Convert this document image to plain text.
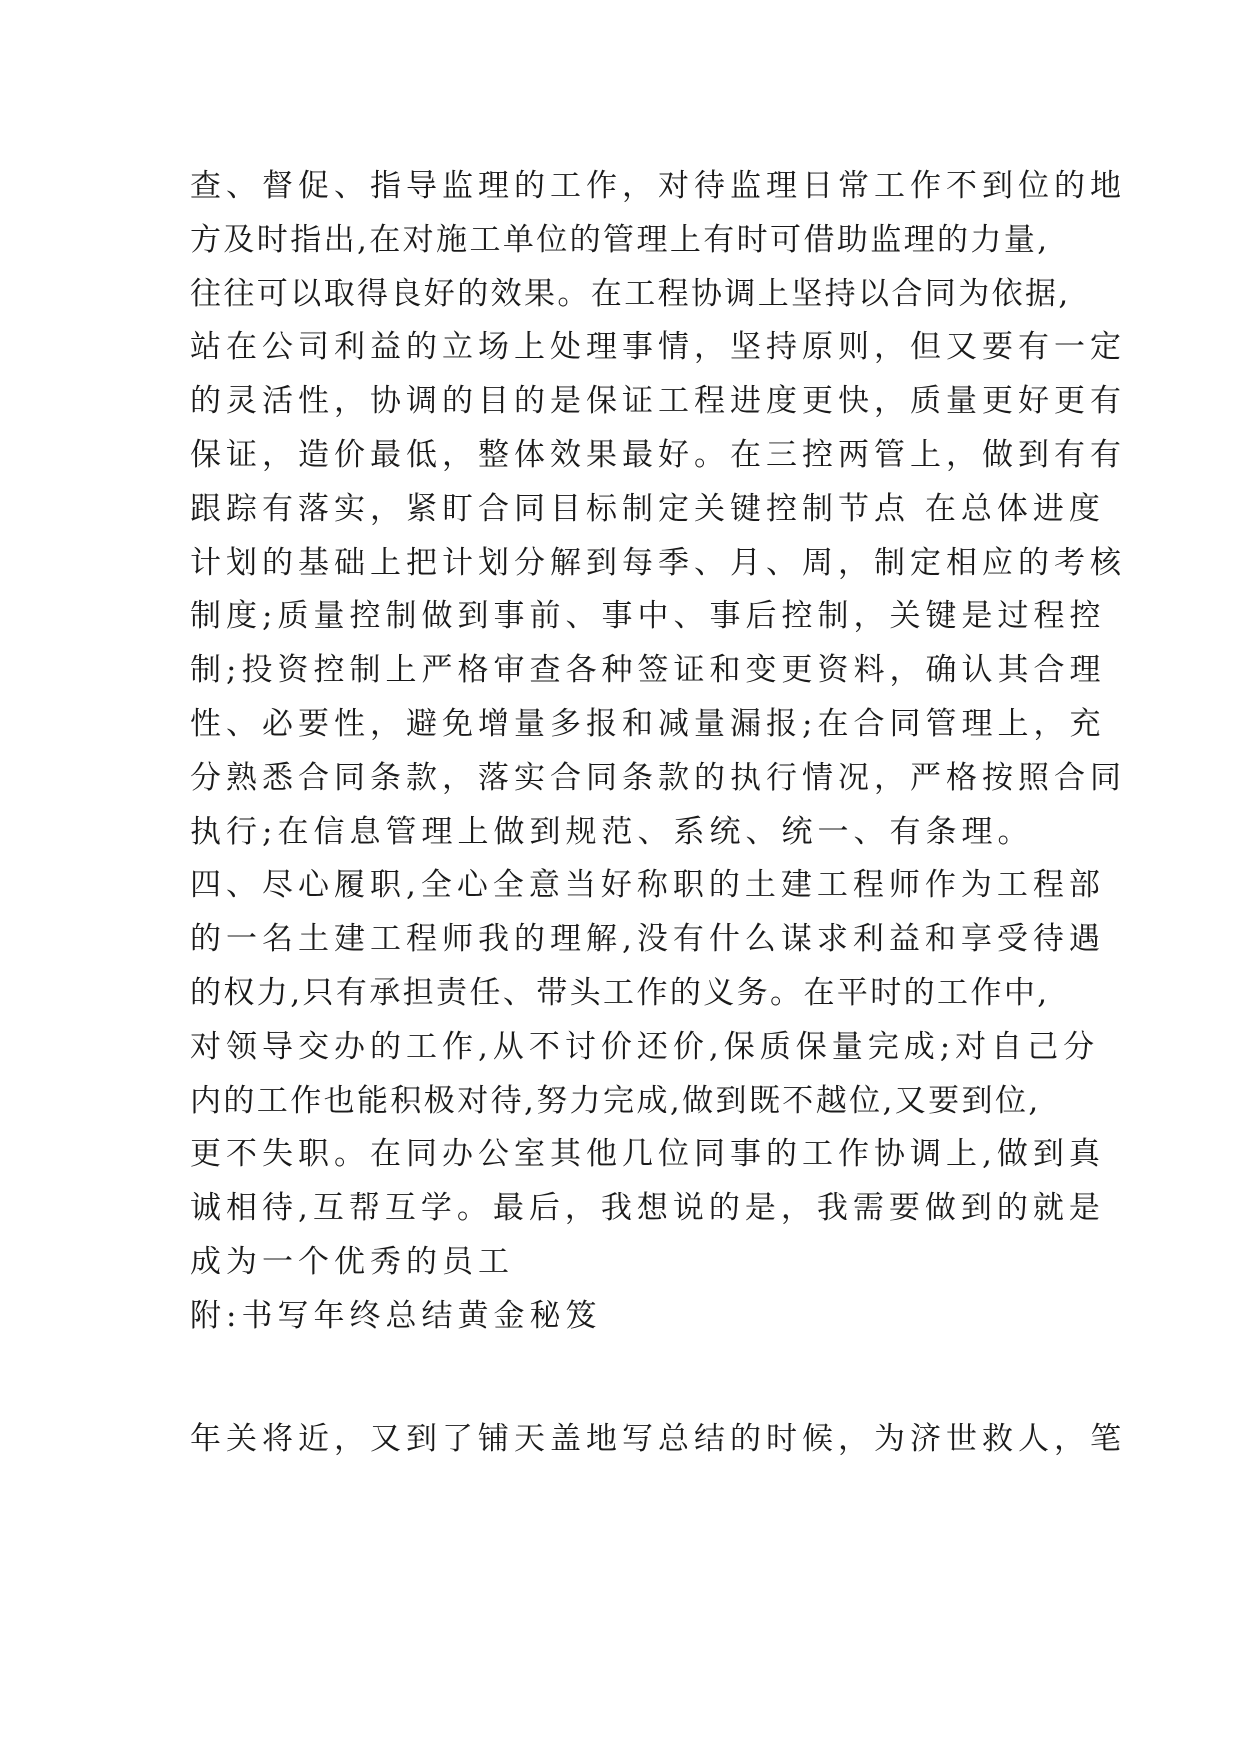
查、督促、指导监理的工作，对待监理日常工作不到位的地
方及时指出,在对施工单位的管理上有时可借助监理的力量,
往往可以取得良好的效果。在工程协调上坚持以合同为依据,
站在公司利益的立场上处理事情，坚持原则，但又要有一定
的灵活性，协调的目的是保证工程进度更快，质量更好更有
保证，造价最低，整体效果最好。在三控两管上，做到有有
跟踪有落实，紧盯合同目标制定关键控制节点 在总体进度
计划的基础上把计划分解到每季、月、周，制定相应的考核
制度;质量控制做到事前、事中、事后控制，关键是过程控
制;投资控制上严格审查各种签证和变更资料，确认其合理
性、必要性，避免增量多报和减量漏报;在合同管理上，充
分熟悉合同条款，落实合同条款的执行情况，严格按照合同
执行;在信息管理上做到规范、系统、统一、有条理。
四、尽心履职,全心全意当好称职的土建工程师作为工程部
的一名土建工程师我的理解,没有什么谋求利益和享受待遇
的权力,只有承担责任、带头工作的义务。在平时的工作中,
对领导交办的工作,从不讨价还价,保质保量完成;对自己分
内的工作也能积极对待,努力完成,做到既不越位,又要到位,
更不失职。在同办公室其他几位同事的工作协调上,做到真
诚相待,互帮互学。最后，我想说的是，我需要做到的就是
成为一个优秀的员工
附:书写年终总结黄金秘笈
年关将近，又到了铺天盖地写总结的时候，为济世救人，笔
